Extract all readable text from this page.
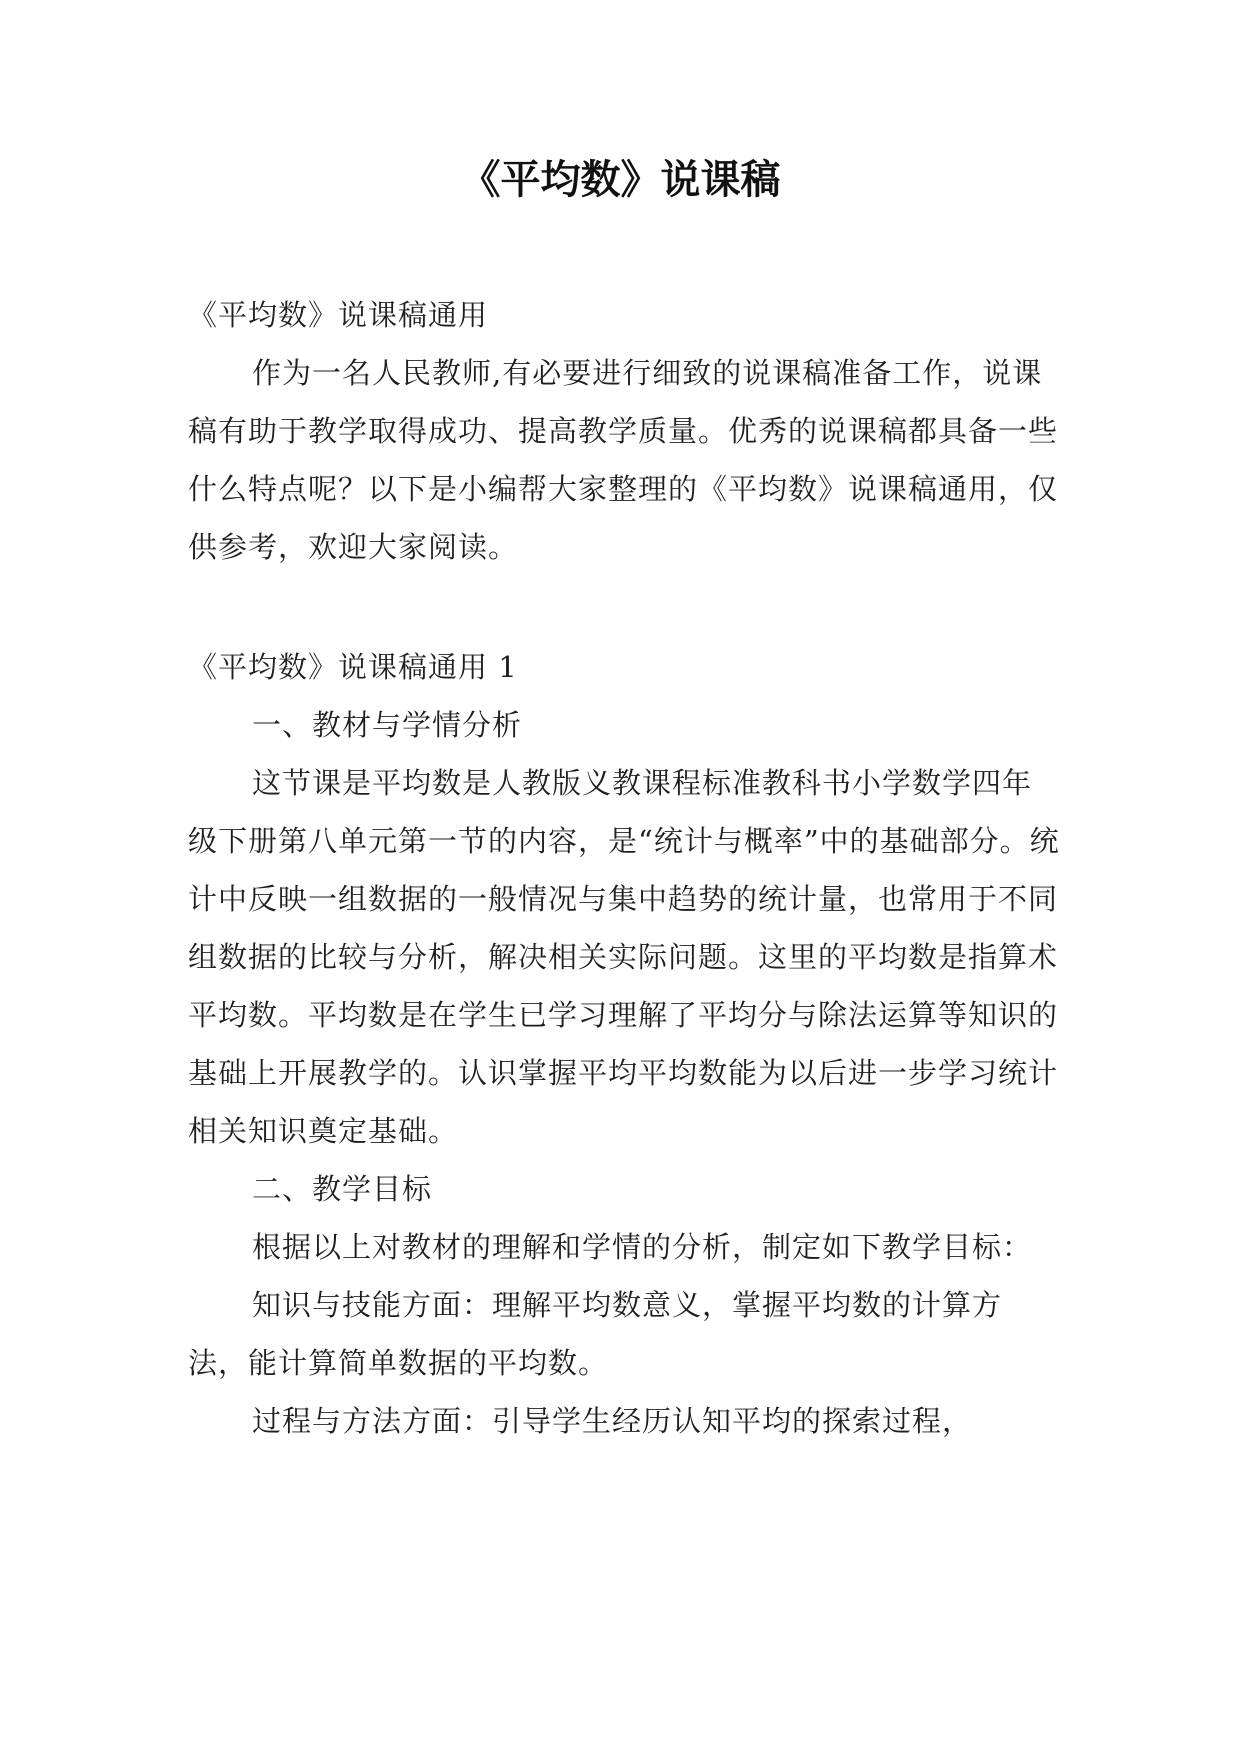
《平均数》说课稿

《平均数》说课稿通用

作为一名人民教师,有必要进行细致的说课稿准备工作，说课稿有助于教学取得成功、提高教学质量。优秀的说课稿都具备一些什么特点呢？以下是小编帮大家整理的《平均数》说课稿通用，仅供参考，欢迎大家阅读。

《平均数》说课稿通用 1

一、教材与学情分析

这节课是平均数是人教版义教课程标准教科书小学数学四年级下册第八单元第一节的内容，是“统计与概率”中的基础部分。统计中反映一组数据的一般情况与集中趋势的统计量，也常用于不同组数据的比较与分析，解决相关实际问题。这里的平均数是指算术平均数。平均数是在学生已学习理解了平均分与除法运算等知识的基础上开展教学的。认识掌握平均平均数能为以后进一步学习统计相关知识奠定基础。

二、教学目标

根据以上对教材的理解和学情的分析，制定如下教学目标：

知识与技能方面：理解平均数意义，掌握平均数的计算方法，能计算简单数据的平均数。

过程与方法方面：引导学生经历认知平均的探索过程，
